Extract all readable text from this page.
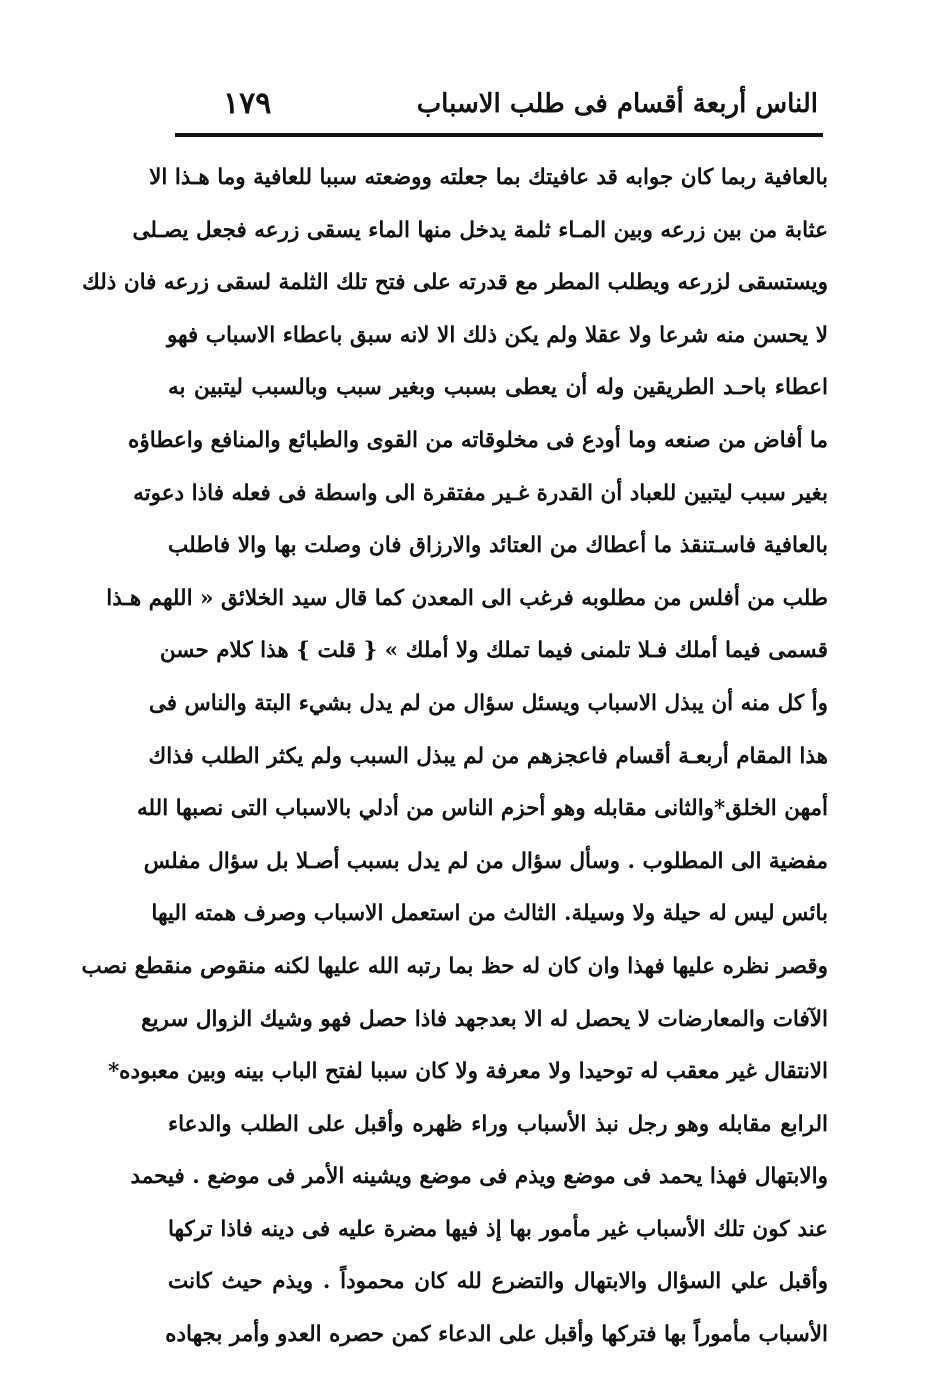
١٧٩	الناس أربعة أقسام فى طلب الاسباب
بالعافية ربما كان جوابه قد عافيتك بما جعلته ووضعته سببا للعافية وما هـذا الا
عثابة من بين زرعه وبين المـاء ثلمة يدخل منها الماء يسقى زرعه فجعل يصـلى
ويستسقى لزرعه ويطلب المطر مع قدرته على فتح تلك الثلمة لسقى زرعه فان ذلك
لا يحسن منه شرعا ولا عقلا ولم يكن ذلك الا لانه سبق باعطاء الاسباب فهو
اعطاء باحـد الطريقين وله أن يعطى بسبب وبغير سبب وبالسبب ليتبين به
ما أفاض من صنعه وما أودع فى مخلوقاته من القوى والطبائع والمنافع واعطاؤه
بغير سبب ليتبين للعباد أن القدرة غـير مفتقرة الى واسطة فى فعله فاذا دعوته
بالعافية فاسـتنقذ ما أعطاك من العتائد والارزاق فان وصلت بها والا فاطلب
طلب من أفلس من مطلوبه فرغب الى المعدن كما قال سيد الخلائق « اللهم هـذا
قسمى فيما أملك فـلا تلمنى فيما تملك ولا أملك » { قلت } هذا كلام حسن
وأ كل منه أن يبذل الاسباب ويسئل سؤال من لم يدل بشيء البتة والناس فى
هذا المقام أربعـة أقسام فاعجزهم من لم يبذل السبب ولم يكثر الطلب فذاك
أمهن الخلق*والثانى مقابله وهو أحزم الناس من أدلي بالاسباب التى نصبها الله
مفضية الى المطلوب . وسأل سؤال من لم يدل بسبب أصـلا بل سؤال مفلس
بائس ليس له حيلة ولا وسيلة. الثالث من استعمل الاسباب وصرف همته اليها
وقصر نظره عليها فهذا وان كان له حظ بما رتبه الله عليها لكنه منقوص منقطع نصب
الآفات والمعارضات لا يحصل له الا بعدجهد فاذا حصل فهو وشيك الزوال سريع
الانتقال غير معقب له توحيدا ولا معرفة ولا كان سببا لفتح الباب بينه وبين معبوده*
الرابع مقابله وهو رجل نبذ الأسباب وراء ظهره وأقبل على الطلب والدعاء
والابتهال فهذا يحمد فى موضع ويذم فى موضع ويشينه الأمر فى موضع . فيحمد
عند كون تلك الأسباب غير مأمور بها إذ فيها مضرة عليه فى دينه فاذا تركها
وأقبل علي السؤال والابتهال والتضرع لله كان محموداً . ويذم حيث كانت
الأسباب مأموراً بها فتركها وأقبل على الدعاء كمن حصره العدو وأمر بجهاده
